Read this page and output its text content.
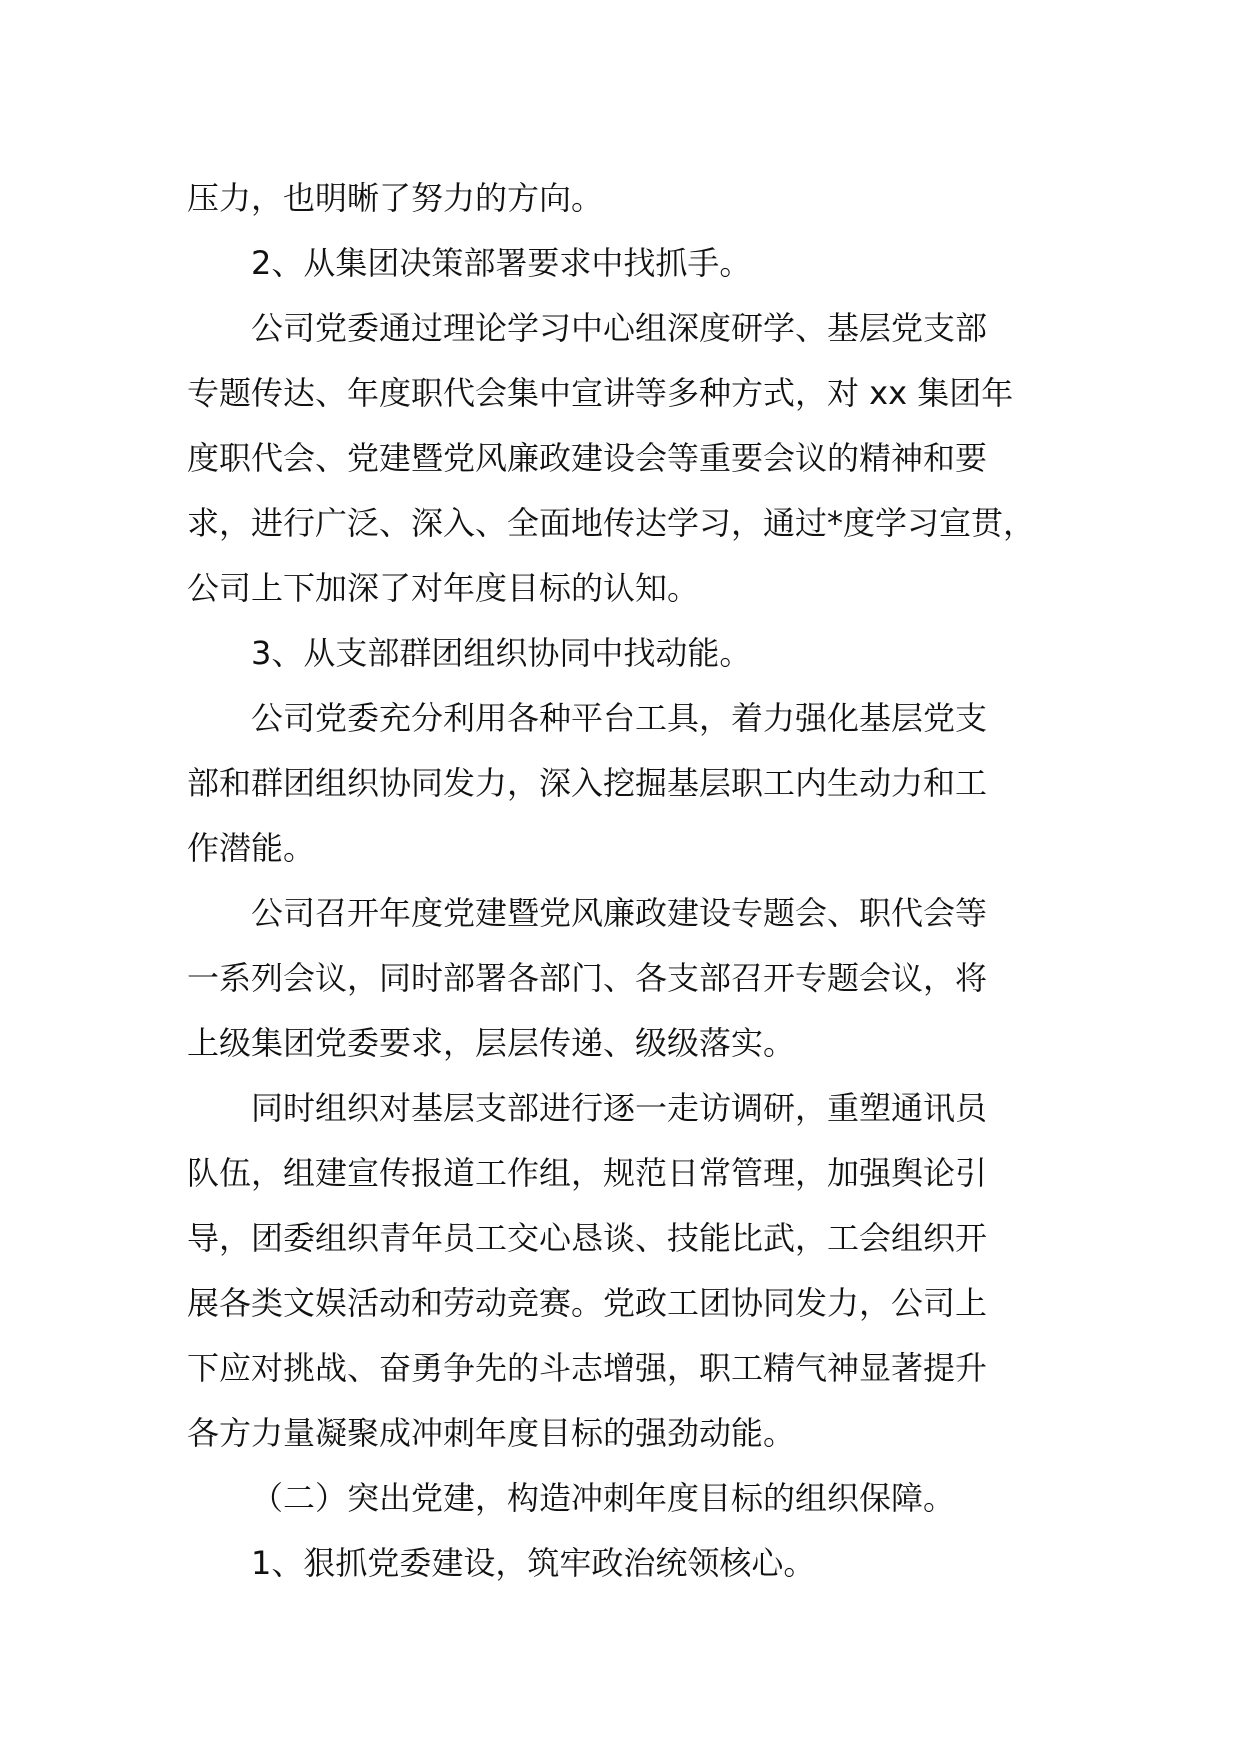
压力，也明晰了努力的方向。
2、从集团决策部署要求中找抓手。
公司党委通过理论学习中心组深度研学、基层党支部
专题传达、年度职代会集中宣讲等多种方式，对 xx 集团年
度职代会、党建暨党风廉政建设会等重要会议的精神和要
求，进行广泛、深入、全面地传达学习，通过*度学习宣贯，
公司上下加深了对年度目标的认知。
3、从支部群团组织协同中找动能。
公司党委充分利用各种平台工具，着力强化基层党支
部和群团组织协同发力，深入挖掘基层职工内生动力和工
作潜能。
公司召开年度党建暨党风廉政建设专题会、职代会等
一系列会议，同时部署各部门、各支部召开专题会议，将
上级集团党委要求，层层传递、级级落实。
同时组织对基层支部进行逐一走访调研，重塑通讯员
队伍，组建宣传报道工作组，规范日常管理，加强舆论引
导，团委组织青年员工交心恳谈、技能比武，工会组织开
展各类文娱活动和劳动竞赛。党政工团协同发力，公司上
下应对挑战、奋勇争先的斗志增强，职工精气神显著提升
各方力量凝聚成冲刺年度目标的强劲动能。
（二）突出党建，构造冲刺年度目标的组织保障。
1、狠抓党委建设，筑牢政治统领核心。
